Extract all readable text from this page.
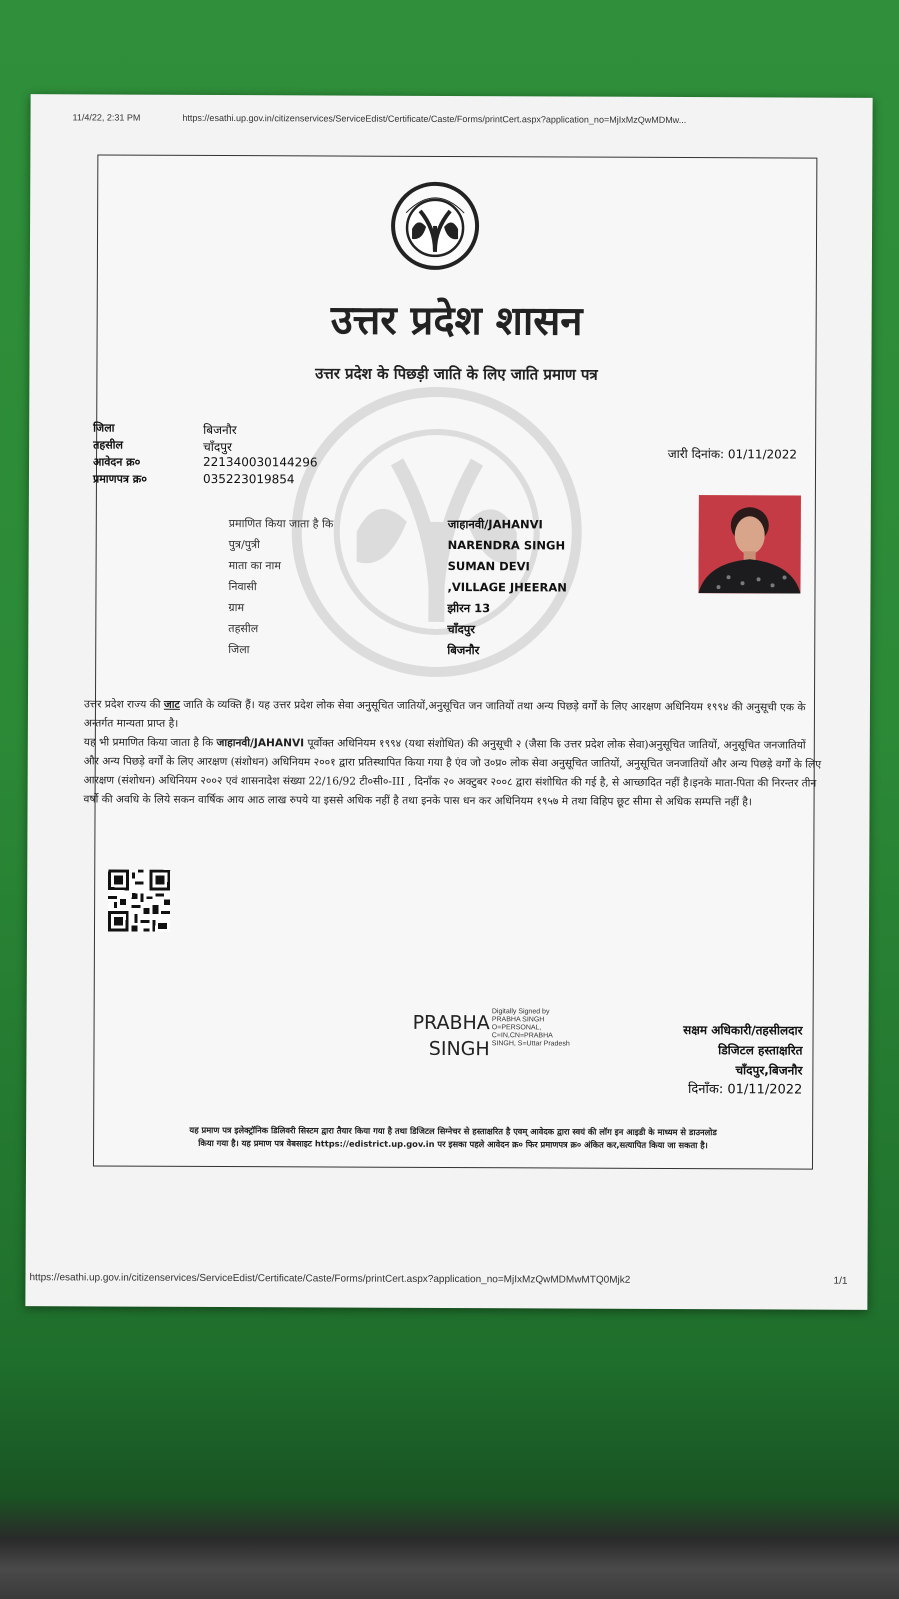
11/4/22, 2:31 PM	https://esathi.up.gov.in/citizenservices/ServiceEdist/Certificate/Caste/Forms/printCert.aspx?application_no=MjIxMzQwMDMw...
उत्तर प्रदेश शासन
उत्तर प्रदेश के पिछड़ी जाति के लिए जाति प्रमाण पत्र
जिला	बिजनौर
तहसील	चाँदपुर
आवेदन क्र०	221340030144296
प्रमाणपत्र क्र०	035223019854
जारी दिनांक: 01/11/2022
प्रमाणित किया जाता है कि	जाहानवी/JAHANVI
पुत्र/पुत्री	NARENDRA SINGH
माता का नाम	SUMAN DEVI
निवासी	,VILLAGE JHEERAN
ग्राम	झीरन 13
तहसील	चाँदपुर
जिला	बिजनौर

उत्तर प्रदेश राज्य की जाट जाति के व्यक्ति हैं। यह उत्तर प्रदेश लोक सेवा अनुसूचित जातियों,अनुसूचित जन जातियों तथा अन्य पिछड़े वर्गों के लिए आरक्षण अधिनियम १९९४ की अनुसूची एक के अन्तर्गत मान्यता प्राप्त है।

यह भी प्रमाणित किया जाता है कि जाहानवी/JAHANVI पूर्वोक्त अधिनियम १९९४ (यथा संशोधित) की अनुसूची २ (जैसा कि उत्तर प्रदेश लोक सेवा)अनुसूचित जातियों, अनुसूचित जनजातियों और अन्य पिछड़े वर्गों के लिए आरक्षण (संशोधन) अधिनियम २००१ द्वारा प्रतिस्थापित किया गया है एंव जो उ०प्र० लोक सेवा अनुसूचित जातियों, अनुसूचित जनजातियों और अन्य पिछड़े वर्गों के लिए आरक्षण (संशोधन) अधिनियम २००२ एवं शासनादेश संख्या 22/16/92 टी०सी०-III , दिनाँक २० अक्टुबर २००८ द्वारा संशोधित की गई है, से आच्छादित नहीं है।इनके माता-पिता की निरन्तर तीन वर्षो की अवधि के लिये सकन वार्षिक आय आठ लाख रुपये या इससे अधिक नहीं है तथा इनके पास धन कर अधिनियम १९५७ मे तथा विहिप छूट सीमा से अधिक सम्पत्ति नहीं है।

PRABHA
SINGH
Digitally Signed by
PRABHA SINGH
O=PERSONAL,
C=IN,CN=PRABHA
SINGH, S=Uttar Pradesh
सक्षम अधिकारी/तहसीलदार
डिजिटल हस्ताक्षरित
चाँदपुर,बिजनौर
दिनाँक: 01/11/2022
यह प्रमाण पत्र इलेक्ट्रॉनिक डिलिवरी सिस्टम द्वारा तैयार किया गया है तथा डिजिटल सिग्नेचर से हस्ताक्षरित है एवम् आवेदक द्वारा स्वयं की लॉग इन आइडी के माध्यम से डाउनलोड
किया गया है। यह प्रमाण पत्र वेबसाइट https://edistrict.up.gov.in पर इसका पहले आवेदन क्र० फिर प्रमाणपत्र क्र० अंकित कर,सत्यापित किया जा सकता है।
https://esathi.up.gov.in/citizenservices/ServiceEdist/Certificate/Caste/Forms/printCert.aspx?application_no=MjIxMzQwMDMwMTQ0Mjk2	1/1
